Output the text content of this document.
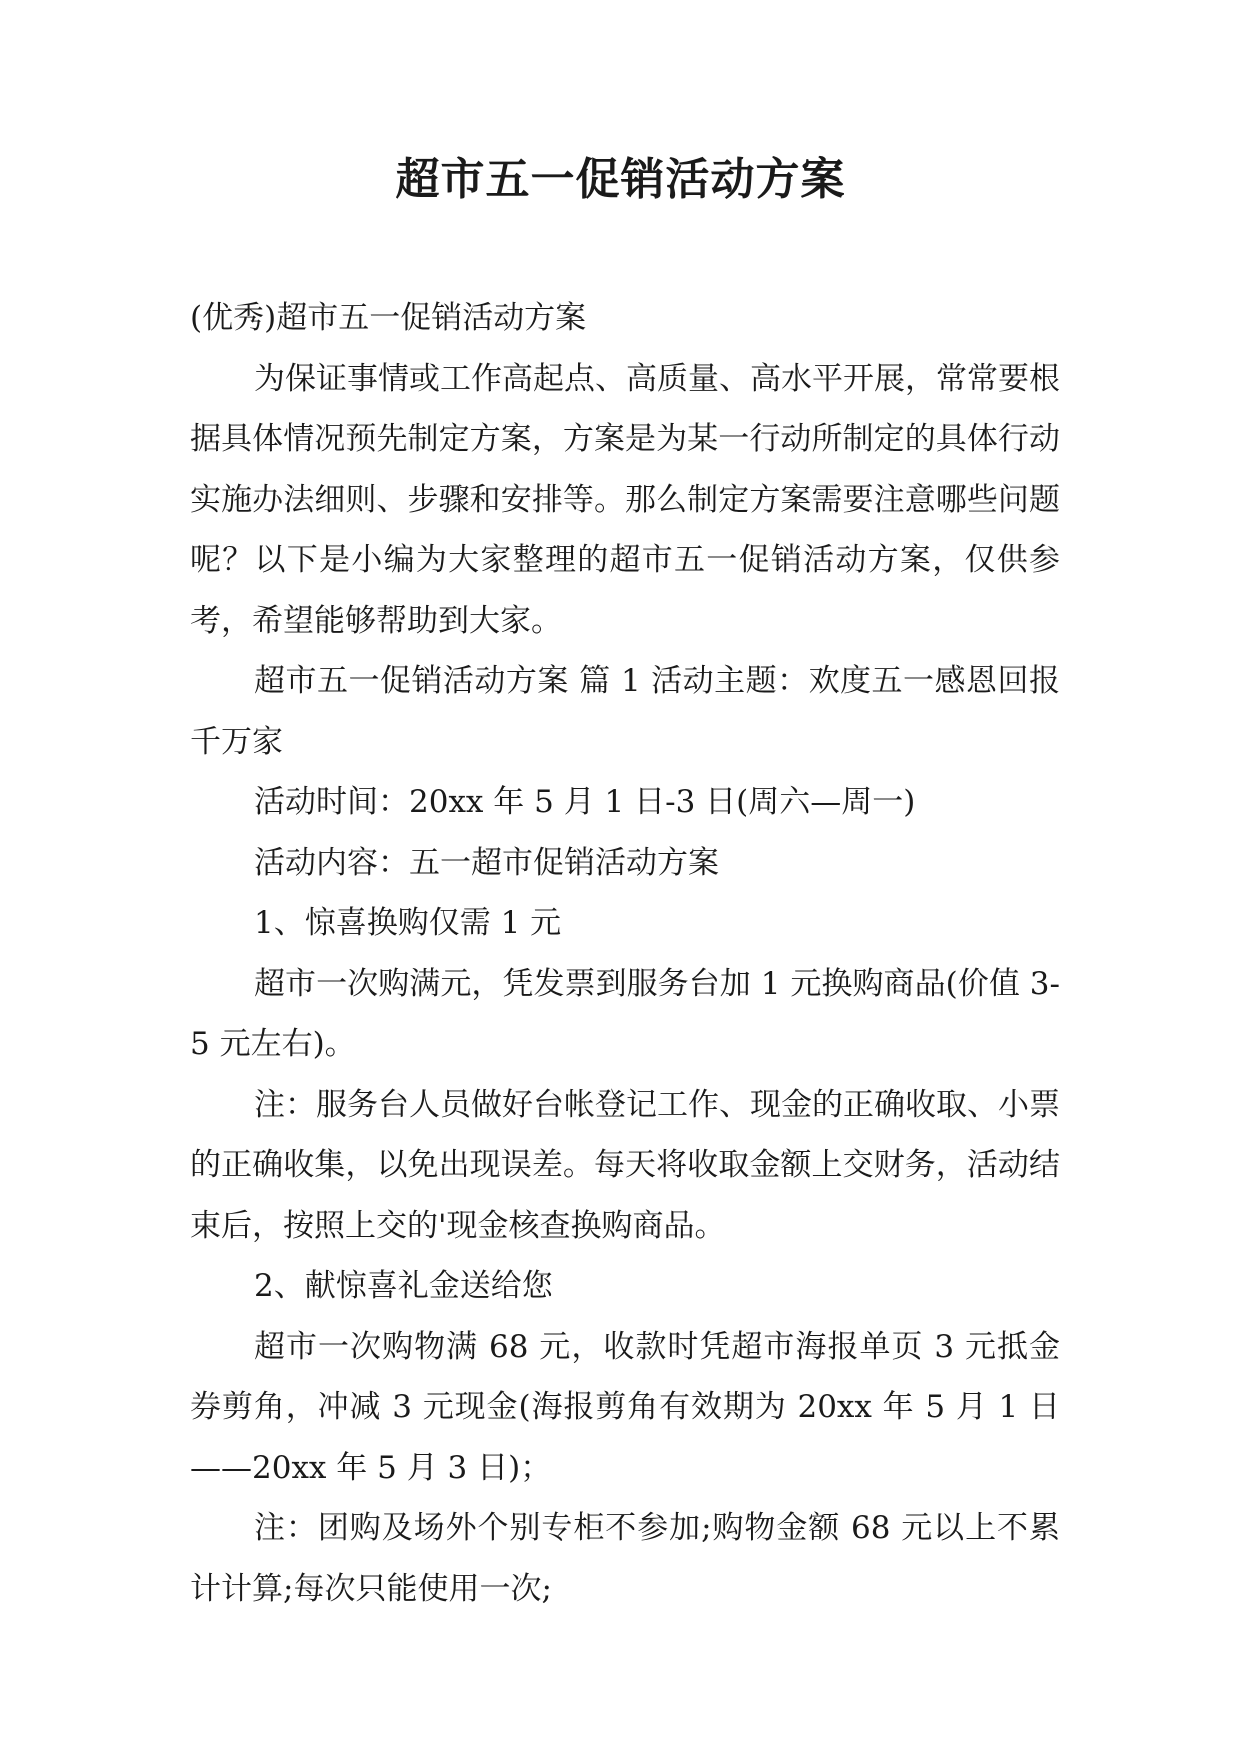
超市五一促销活动方案

(优秀)超市五一促销活动方案

为保证事情或工作高起点、高质量、高水平开展，常常要根据具体情况预先制定方案，方案是为某一行动所制定的具体行动实施办法细则、步骤和安排等。那么制定方案需要注意哪些问题呢？以下是小编为大家整理的超市五一促销活动方案，仅供参考，希望能够帮助到大家。

超市五一促销活动方案 篇 1 活动主题：欢度五一感恩回报千万家

活动时间：20xx 年 5 月 1 日-3 日(周六—周一)

活动内容：五一超市促销活动方案

1、惊喜换购仅需 1 元

超市一次购满元，凭发票到服务台加 1 元换购商品(价值 3-5 元左右)。

注：服务台人员做好台帐登记工作、现金的正确收取、小票的正确收集，以免出现误差。每天将收取金额上交财务，活动结束后，按照上交的'现金核查换购商品。

2、献惊喜礼金送给您

超市一次购物满 68 元，收款时凭超市海报单页 3 元抵金券剪角，冲减 3 元现金(海报剪角有效期为 20xx 年 5 月 1 日——20xx 年 5 月 3 日)；

注：团购及场外个别专柜不参加;购物金额 68 元以上不累计计算;每次只能使用一次;
